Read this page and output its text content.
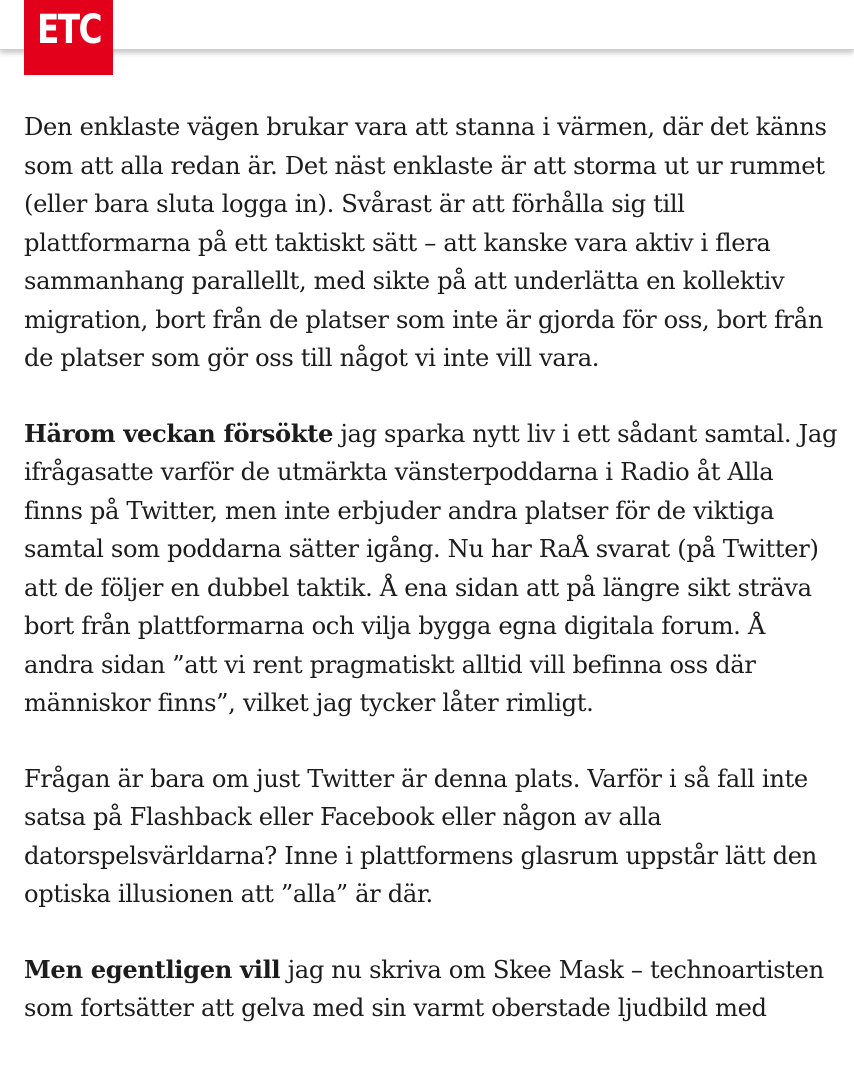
ETC

Den enklaste vägen brukar vara att stanna i värmen, där det känns
som att alla redan är. Det näst enklaste är att storma ut ur rummet
(eller bara sluta logga in). Svårast är att förhålla sig till
plattformarna på ett taktiskt sätt – att kanske vara aktiv i flera
sammanhang parallellt, med sikte på att underlätta en kollektiv
migration, bort från de platser som inte är gjorda för oss, bort från
de platser som gör oss till något vi inte vill vara.

Härom veckan försökte jag sparka nytt liv i ett sådant samtal. Jag
ifrågasatte varför de utmärkta vänsterpoddarna i Radio åt Alla
finns på Twitter, men inte erbjuder andra platser för de viktiga
samtal som poddarna sätter igång. Nu har RaÅ svarat (på Twitter)
att de följer en dubbel taktik. Å ena sidan att på längre sikt sträva
bort från plattformarna och vilja bygga egna digitala forum. Å
andra sidan ”att vi rent pragmatiskt alltid vill befinna oss där
människor finns”, vilket jag tycker låter rimligt.

Frågan är bara om just Twitter är denna plats. Varför i så fall inte
satsa på Flashback eller Facebook eller någon av alla
datorspelsvärldarna? Inne i plattformens glasrum uppstår lätt den
optiska illusionen att ”alla” är där.

Men egentligen vill jag nu skriva om Skee Mask – technoartisten
som fortsätter att gelva med sin varmt oberstade ljudbild med
